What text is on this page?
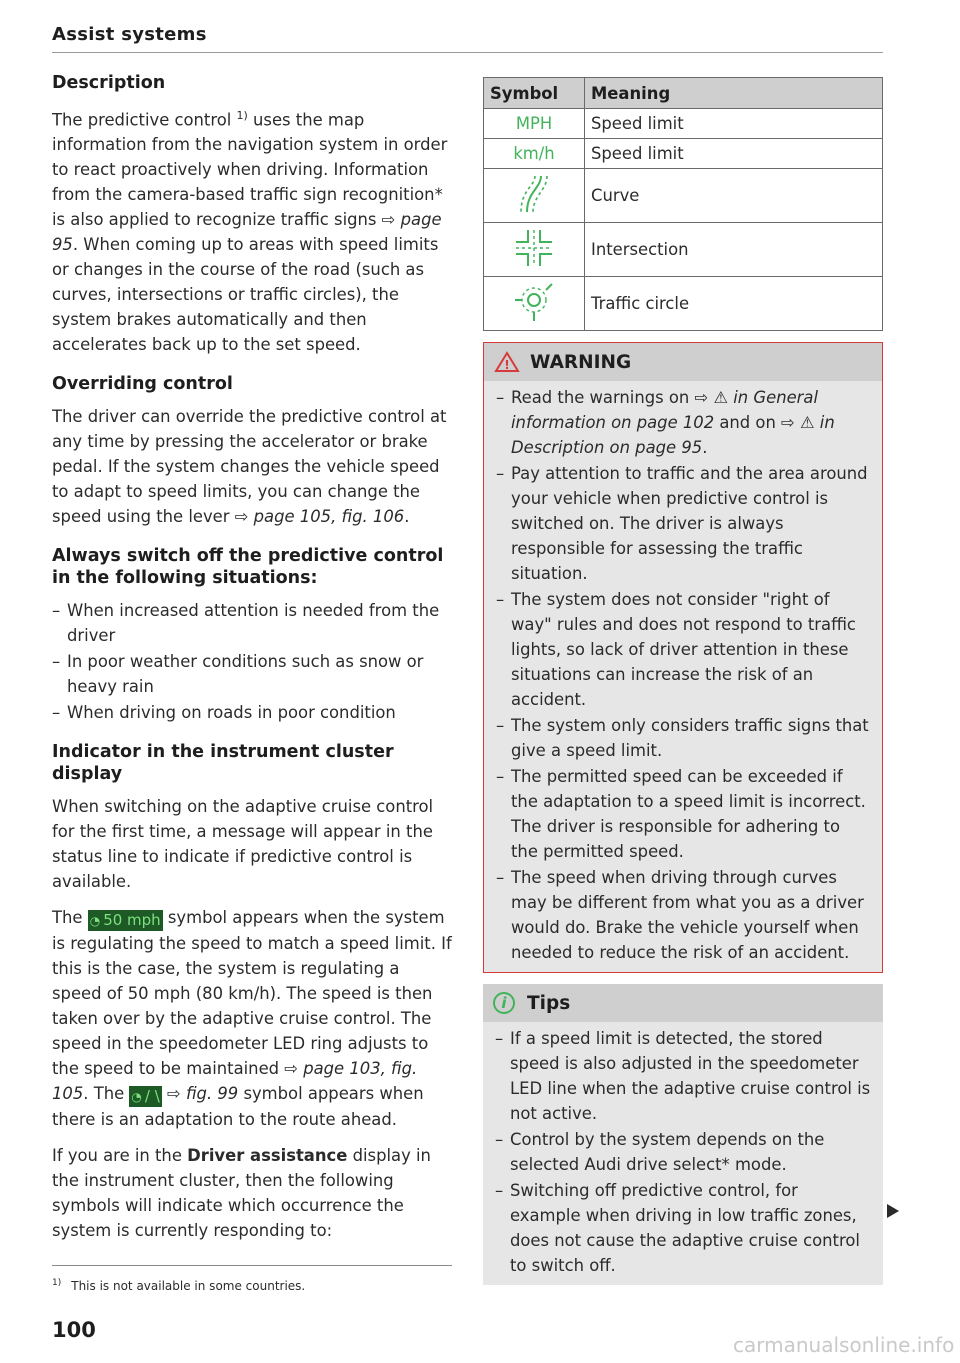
Assist systems
Description

The predictive control $^{1)}$ uses the map information from the navigation system in order to react proactively when driving. Information from the camera-based traffic sign recognition* is also applied to recognize traffic signs ⇨ page 95. When coming up to areas with speed limits or changes in the course of the road (such as curves, intersections or traffic circles), the system brakes automatically and then accelerates back up to the set speed.

Overriding control

The driver can override the predictive control at any time by pressing the accelerator or brake pedal. If the system changes the vehicle speed to adapt to speed limits, you can change the speed using the lever ⇨ page 105, fig. 106.

Always switch off the predictive control in the following situations:
– When increased attention is needed from the driver
– In poor weather conditions such as snow or heavy rain
– When driving on roads in poor condition
Indicator in the instrument cluster display

When switching on the adaptive cruise control for the first time, a message will appear in the status line to indicate if predictive control is available.

The ◔ 50 mph symbol appears when the system is regulating the speed to match a speed limit. If this is the case, the system is regulating a speed of 50 mph (80 km/h). The speed is then taken over by the adaptive cruise control. The speed in the speedometer LED ring adjusts to the speed to be maintained ⇨ page 103, fig. 105. The ◔ / \ ⇨ fig. 99 symbol appears when there is an adaptation to the route ahead.

If you are in the Driver assistance display in the instrument cluster, then the following symbols will indicate which occurrence the system is currently responding to:

$^{1)}$ This is not available in some countries.
100
Symbol	Meaning
MPH	Speed limit
km/h	Speed limit
	Curve
	Intersection
	Traffic circle
! WARNING
– Read the warnings on ⇨ ⚠ in General information on page 102 and on ⇨ ⚠ in Description on page 95.
– Pay attention to traffic and the area around your vehicle when predictive control is switched on. The driver is always responsible for assessing the traffic situation.
– The system does not consider "right of way" rules and does not respond to traffic lights, so lack of driver attention in these situations can increase the risk of an accident.
– The system only considers traffic signs that give a speed limit.
– The permitted speed can be exceeded if the adaptation to a speed limit is incorrect. The driver is responsible for adhering to the permitted speed.
– The speed when driving through curves may be different from what you as a driver would do. Brake the vehicle yourself when needed to reduce the risk of an accident.
i	Tips
– If a speed limit is detected, the stored speed is also adjusted in the speedometer LED line when the adaptive cruise control is not active.
– Control by the system depends on the selected Audi drive select* mode.
– Switching off predictive control, for example when driving in low traffic zones, does not cause the adaptive cruise control to switch off.
carmanualsonline.info
